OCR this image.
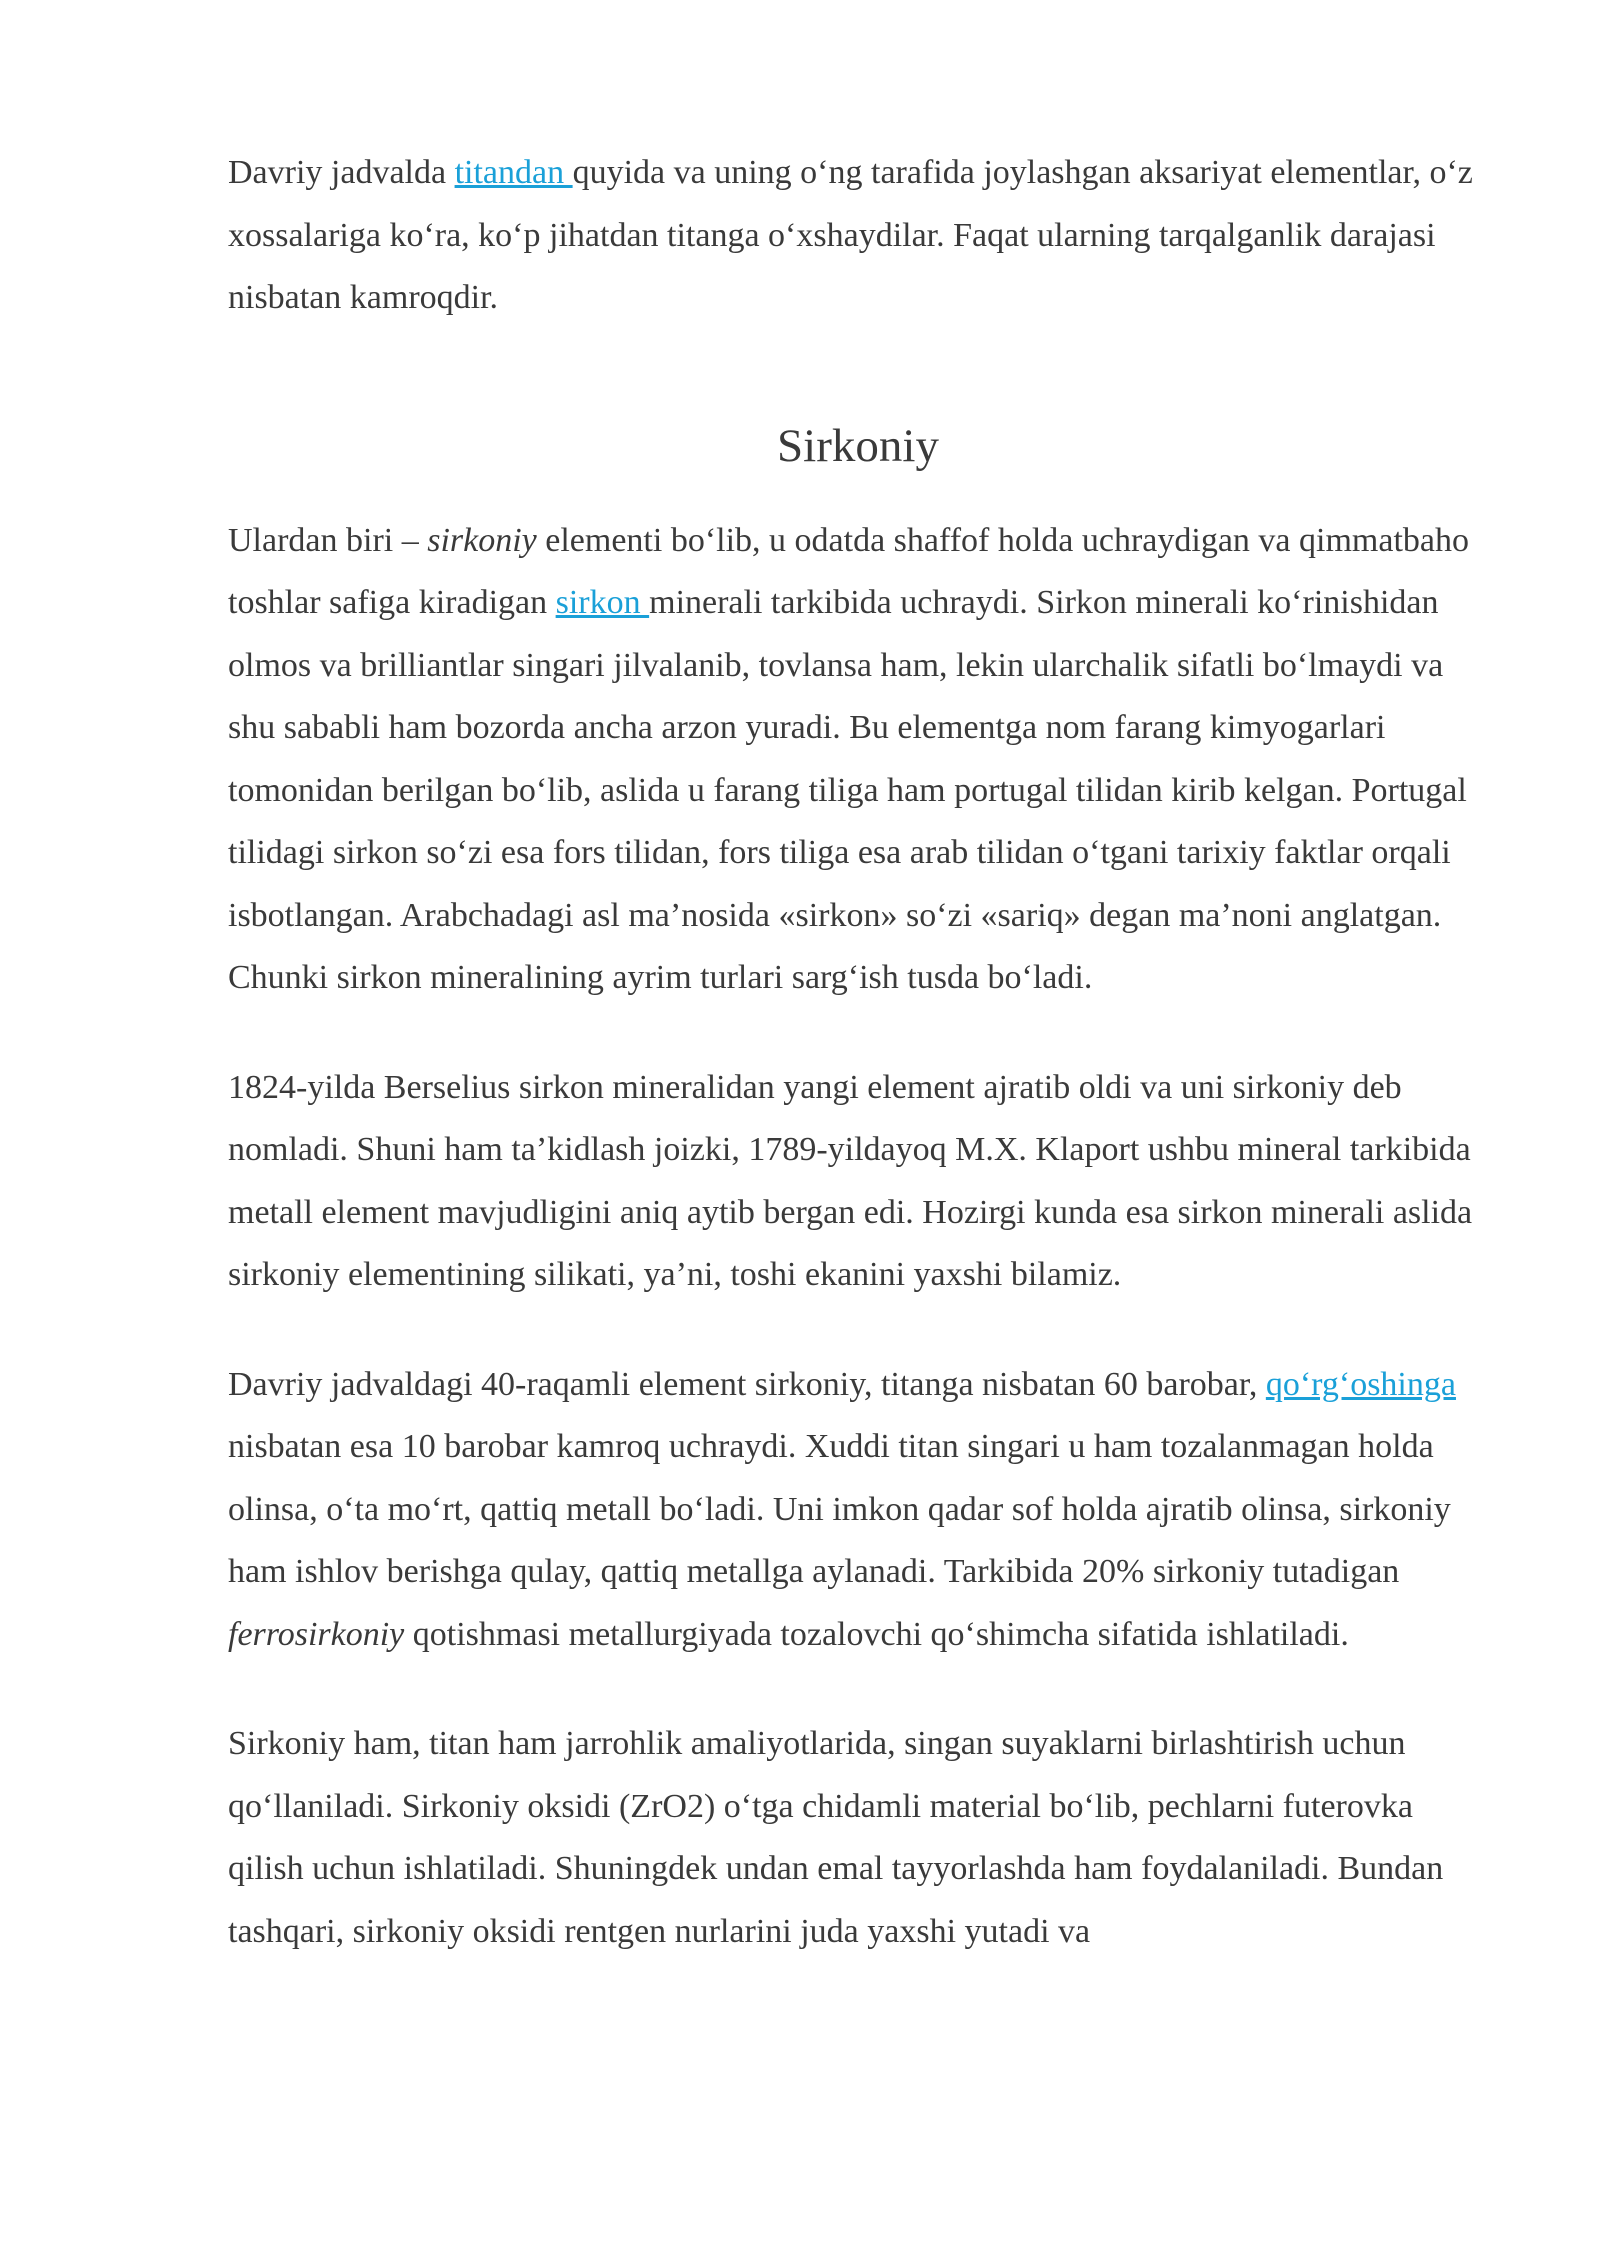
Davriy jadvalda titandan quyida va uning o‘ng tarafida joylashgan aksariyat elementlar, o‘z xossalariga ko‘ra, ko‘p jihatdan titanga o‘xshaydilar. Faqat ularning tarqalganlik darajasi nisbatan kamroqdir.

Sirkoniy

Ulardan biri – sirkoniy elementi bo‘lib, u odatda shaffof holda uchraydigan va qimmatbaho toshlar safiga kiradigan sirkon minerali tarkibida uchraydi. Sirkon minerali ko‘rinishidan olmos va brilliantlar singari jilvalanib, tovlansa ham, lekin ularchalik sifatli bo‘lmaydi va shu sababli ham bozorda ancha arzon yuradi. Bu elementga nom farang kimyogarlari tomonidan berilgan bo‘lib, aslida u farang tiliga ham portugal tilidan kirib kelgan. Portugal tilidagi sirkon so‘zi esa fors tilidan, fors tiliga esa arab tilidan o‘tgani tarixiy faktlar orqali isbotlangan. Arabchadagi asl ma’nosida «sirkon» so‘zi «sariq» degan ma’noni anglatgan. Chunki sirkon mineralining ayrim turlari sarg‘ish tusda bo‘ladi.

1824-yilda Berselius sirkon mineralidan yangi element ajratib oldi va uni sirkoniy deb nomladi. Shuni ham ta’kidlash joizki, 1789-yildayoq M.X. Klaport ushbu mineral tarkibida metall element mavjudligini aniq aytib bergan edi. Hozirgi kunda esa sirkon minerali aslida sirkoniy elementining silikati, ya’ni, toshi ekanini yaxshi bilamiz.

Davriy jadvaldagi 40-raqamli element sirkoniy, titanga nisbatan 60 barobar, qo‘rg‘oshinga nisbatan esa 10 barobar kamroq uchraydi. Xuddi titan singari u ham tozalanmagan holda olinsa, o‘ta mo‘rt, qattiq metall bo‘ladi. Uni imkon qadar sof holda ajratib olinsa, sirkoniy ham ishlov berishga qulay, qattiq metallga aylanadi. Tarkibida 20% sirkoniy tutadigan ferrosirkoniy qotishmasi metallurgiyada tozalovchi qo‘shimcha sifatida ishlatiladi.

Sirkoniy ham, titan ham jarrohlik amaliyotlarida, singan suyaklarni birlashtirish uchun qo‘llaniladi. Sirkoniy oksidi (ZrO2) o‘tga chidamli material bo‘lib, pechlarni futerovka qilish uchun ishlatiladi. Shuningdek undan emal tayyorlashda ham foydalaniladi. Bundan tashqari, sirkoniy oksidi rentgen nurlarini juda yaxshi yutadi va
